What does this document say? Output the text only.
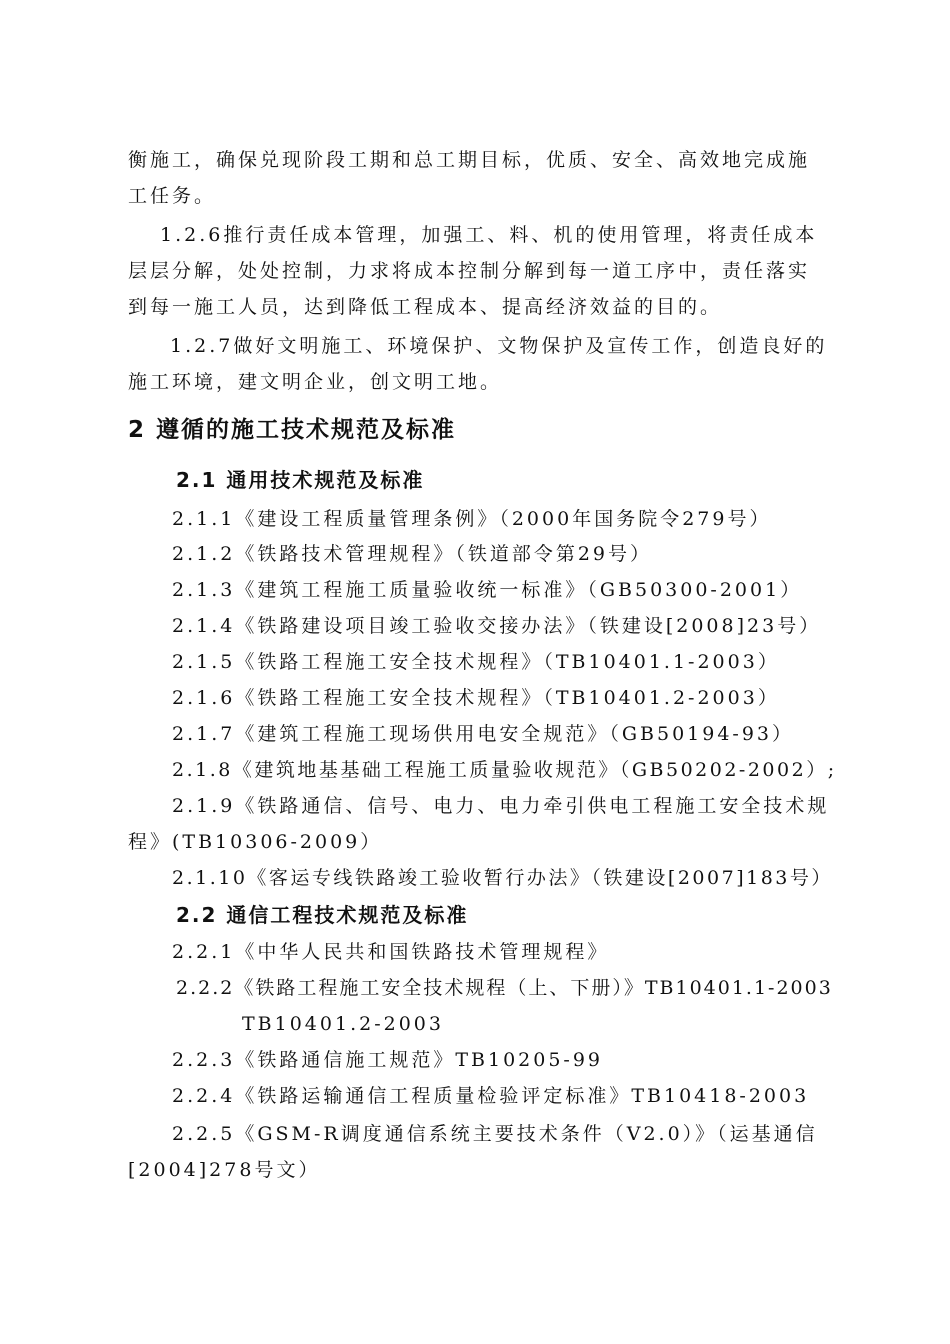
衡施工，确保兑现阶段工期和总工期目标，优质、安全、高效地完成施
工任务。
1.2.6推行责任成本管理，加强工、料、机的使用管理，将责任成本
层层分解，处处控制，力求将成本控制分解到每一道工序中，责任落实
到每一施工人员，达到降低工程成本、提高经济效益的目的。
1.2.7做好文明施工、环境保护、文物保护及宣传工作，创造良好的
施工环境，建文明企业，创文明工地。
2 遵循的施工技术规范及标准
2.1 通用技术规范及标准
2.1.1《建设工程质量管理条例》（2000年国务院令279号）
2.1.2《铁路技术管理规程》（铁道部令第29号）
2.1.3《建筑工程施工质量验收统一标准》（GB50300-2001）
2.1.4《铁路建设项目竣工验收交接办法》（铁建设[2008]23号）
2.1.5《铁路工程施工安全技术规程》（TB10401.1-2003）
2.1.6《铁路工程施工安全技术规程》（TB10401.2-2003）
2.1.7《建筑工程施工现场供用电安全规范》（GB50194-93）
2.1.8《建筑地基基础工程施工质量验收规范》（GB50202-2002）;
2.1.9《铁路通信、信号、电力、电力牵引供电工程施工安全技术规
程》(TB10306-2009）
2.1.10《客运专线铁路竣工验收暂行办法》（铁建设[2007]183号）
2.2 通信工程技术规范及标准
2.2.1《中华人民共和国铁路技术管理规程》
2.2.2《铁路工程施工安全技术规程（上、下册）》TB10401.1-2003
TB10401.2-2003
2.2.3《铁路通信施工规范》TB10205-99
2.2.4《铁路运输通信工程质量检验评定标准》TB10418-2003
2.2.5《GSM-R调度通信系统主要技术条件（V2.0）》（运基通信
[2004]278号文）
